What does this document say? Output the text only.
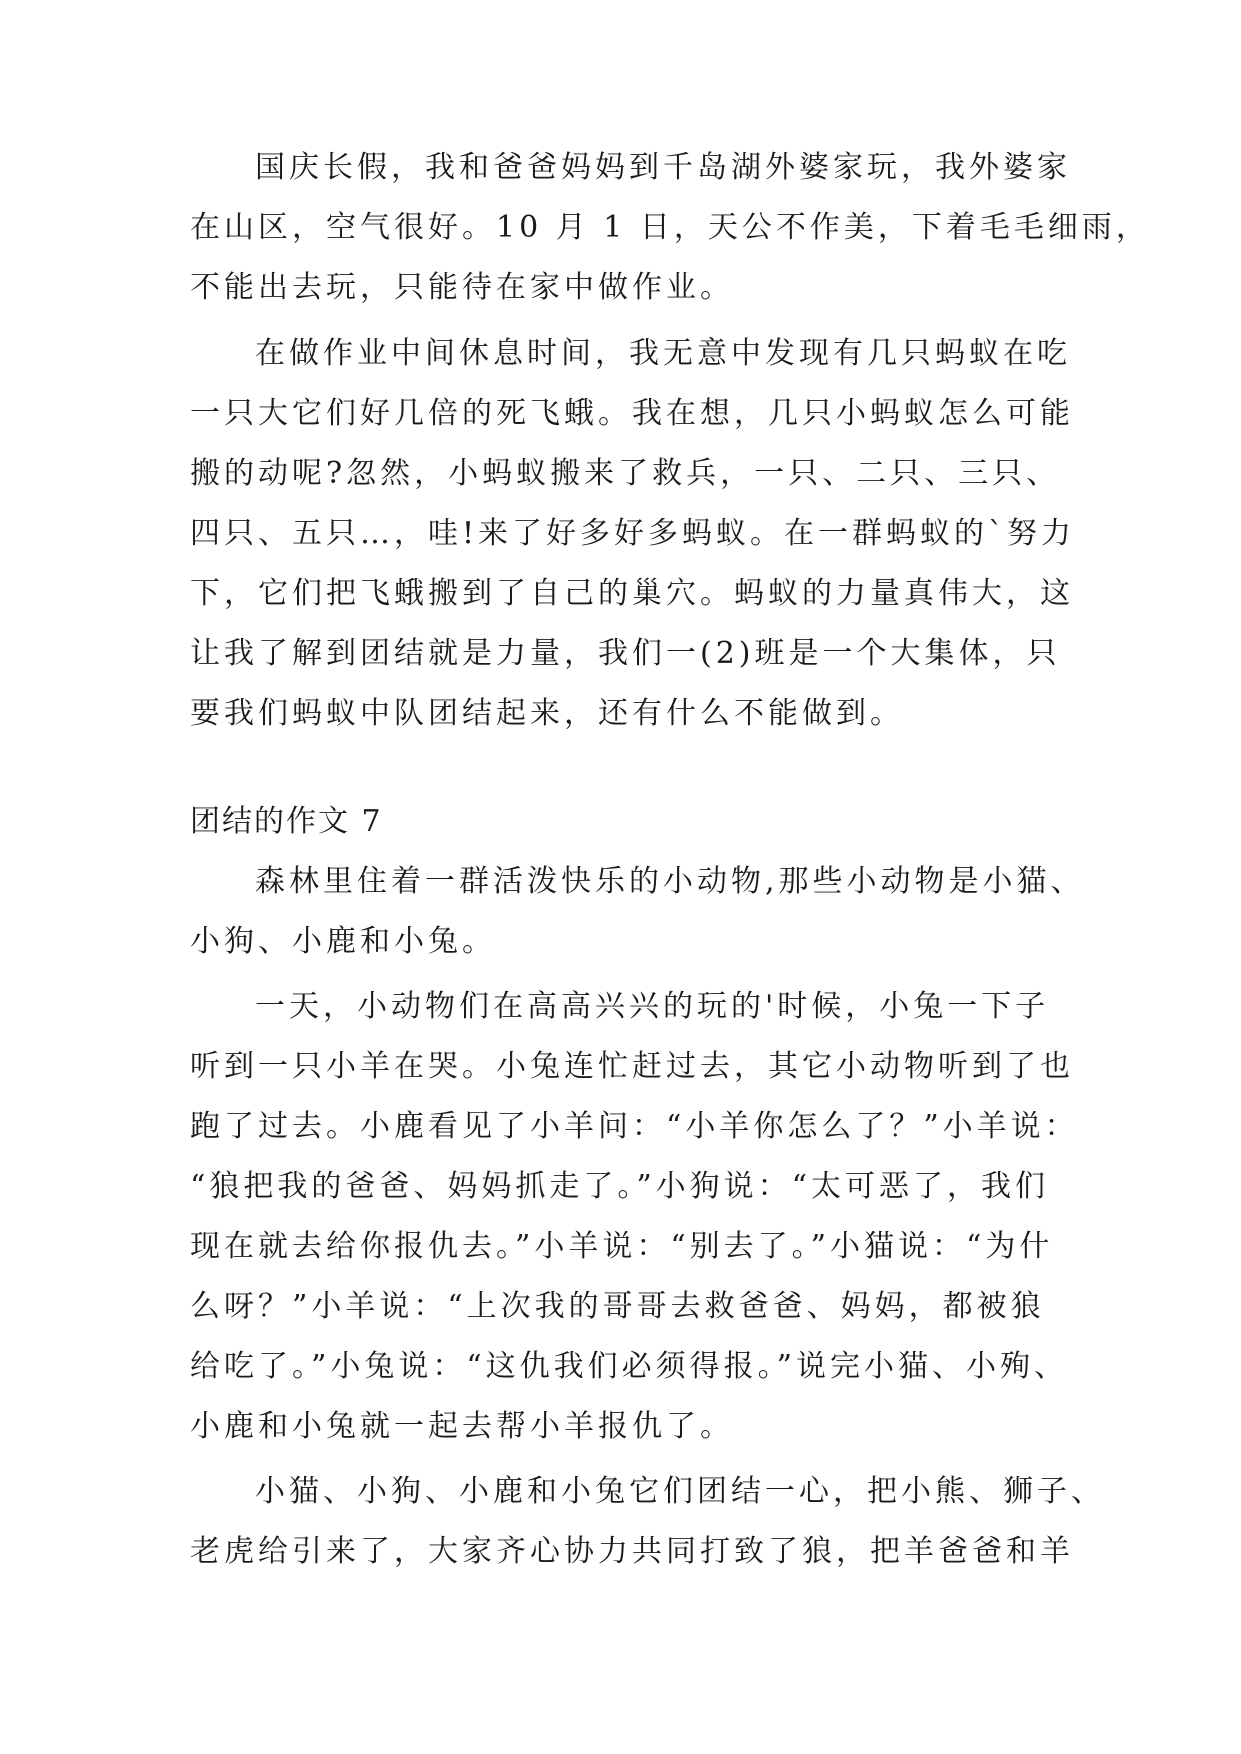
国庆长假，我和爸爸妈妈到千岛湖外婆家玩，我外婆家
在山区，空气很好。10 月 1 日，天公不作美，下着毛毛细雨，
不能出去玩，只能待在家中做作业。
在做作业中间休息时间，我无意中发现有几只蚂蚁在吃
一只大它们好几倍的死飞蛾。我在想，几只小蚂蚁怎么可能
搬的动呢?忽然，小蚂蚁搬来了救兵，一只、二只、三只、
四只、五只…，哇!来了好多好多蚂蚁。在一群蚂蚁的`努力
下，它们把飞蛾搬到了自己的巢穴。蚂蚁的力量真伟大，这
让我了解到团结就是力量，我们一(2)班是一个大集体，只
要我们蚂蚁中队团结起来，还有什么不能做到。
团结的作文 7
森林里住着一群活泼快乐的小动物,那些小动物是小猫、
小狗、小鹿和小兔。
一天，小动物们在高高兴兴的玩的'时候，小兔一下子
听到一只小羊在哭。小兔连忙赶过去，其它小动物听到了也
跑了过去。小鹿看见了小羊问：“小羊你怎么了？”小羊说：
“狼把我的爸爸、妈妈抓走了。”小狗说：“太可恶了，我们
现在就去给你报仇去。”小羊说：“别去了。”小猫说：“为什
么呀？”小羊说：“上次我的哥哥去救爸爸、妈妈，都被狼
给吃了。”小兔说：“这仇我们必须得报。”说完小猫、小殉、
小鹿和小兔就一起去帮小羊报仇了。
小猫、小狗、小鹿和小兔它们团结一心，把小熊、狮子、
老虎给引来了，大家齐心协力共同打致了狼，把羊爸爸和羊
